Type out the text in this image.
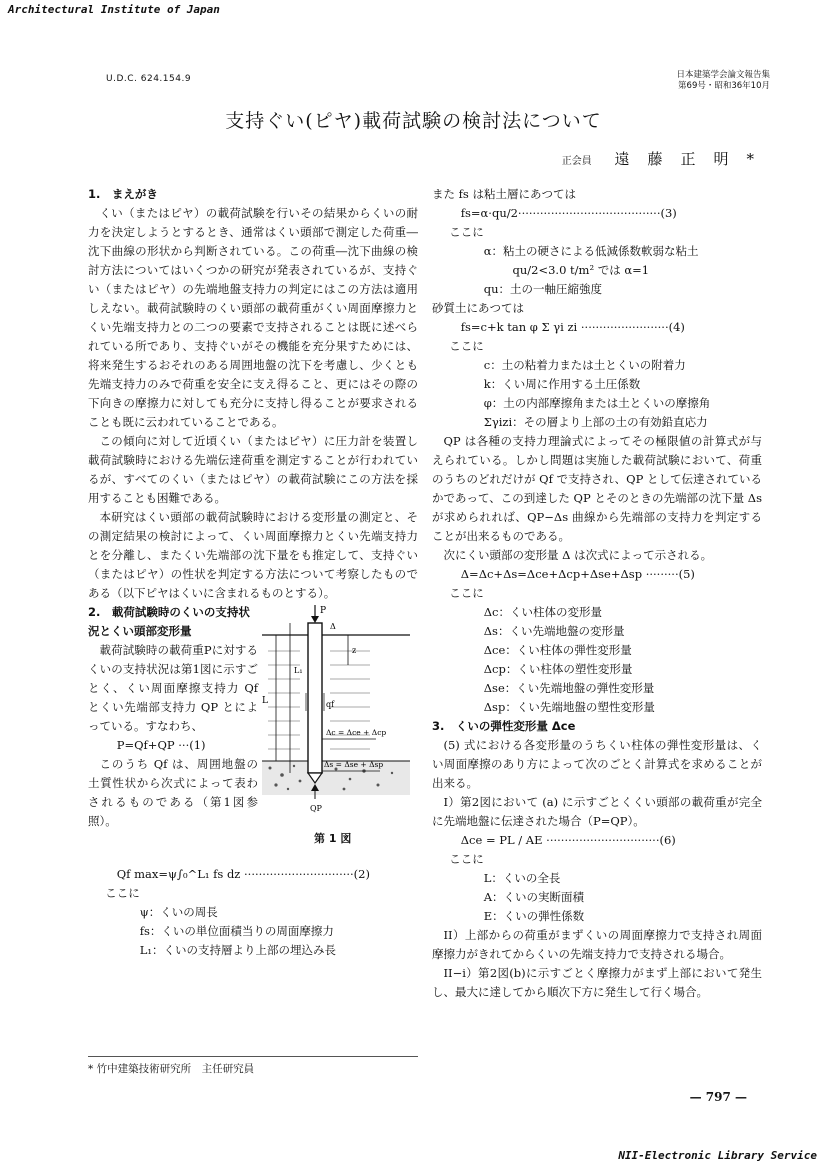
Architectural Institute of Japan
U.D.C. 624.154.9	日本建築学会論文報告集
第69号・昭和36年10月
支持ぐい(ピヤ)載荷試験の検討法について
正会員 遠藤正明*
1.　まえがき

くい（またはピヤ）の載荷試験を行いその結果からくいの耐力を決定しようとするとき、通常はくい頭部で測定した荷重―沈下曲線の形状から判断されている。この荷重―沈下曲線の検討方法についてはいくつかの研究が発表されているが、支持ぐい（またはピヤ）の先端地盤支持力の判定にはこの方法は適用しえない。載荷試験時のくい頭部の載荷重がくい周面摩擦力とくい先端支持力との二つの要素で支持されることは既に述べられている所であり、支持ぐいがその機能を充分果すためには、将来発生するおそれのある周囲地盤の沈下を考慮し、少くとも先端支持力のみで荷重を安全に支え得ること、更にはその際の下向きの摩擦力に対しても充分に支持し得ることが要求されることも既に云われていることである。

この傾向に対して近頃くい（またはピヤ）に圧力計を装置し載荷試験時における先端伝達荷重を測定することが行われているが、すべてのくい（またはピヤ）の載荷試験にこの方法を採用することも困難である。

本研究はくい頭部の載荷試験時における変形量の測定と、その測定結果の検討によって、くい周面摩擦力とくい先端支持力とを分離し、またくい先端部の沈下量をも推定して、支持ぐい（またはピヤ）の性状を判定する方法について考察したものである（以下ピヤはくいに含まれるものとする）。

2.　載荷試験時のくいの支持状況とくい頭部変形量

載荷試験時の載荷重Pに対するくいの支持状況は第1図に示すごとく、くい周面摩擦支持力 Qf とくい先端部支持力 QP とによっている。すなわち、

P=Qf+QP ···(1)

このうち Qf は、周囲地盤の土質性状から次式によって表わされるものである（第1図参照）。

P
Δ
L
L₁
z
qf
Δc = Δce + Δcp
Δs = Δse + Δsp
QP
第 1 図
Qf max=ψ∫₀^L₁ fs dz ······························(2)
ここに
ψ：くいの周長
fs：くいの単位面積当りの周面摩擦力
L₁：くいの支持層より上部の埋込み長
また fs は粘土層にあつては
fs=α·qu/2·······································(3)
ここに
α：粘土の硬さによる低減係数軟弱な粘土
qu/2<3.0 t/m² では α=1
qu：土の一軸圧縮強度
砂質土にあつては
fs=c+k tan φ Σ γi zi ························(4)
ここに
c：土の粘着力または土とくいの附着力
k：くい周に作用する土圧係数
φ：土の内部摩擦角または土とくいの摩擦角
Σγizi：その層より上部の土の有効鉛直応力

QP は各種の支持力理論式によってその極限値の計算式が与えられている。しかし問題は実施した載荷試験において、荷重のうちのどれだけが Qf で支持され、QP として伝達されているかであって、この到達した QP とそのときの先端部の沈下量 Δs が求められれば、QP−Δs 曲線から先端部の支持力を判定することが出来るものである。

次にくい頭部の変形量 Δ は次式によって示される。

Δ=Δc+Δs=Δce+Δcp+Δse+Δsp ·········(5)
ここに
Δc：くい柱体の変形量
Δs：くい先端地盤の変形量
Δce：くい柱体の弾性変形量
Δcp：くい柱体の塑性変形量
Δse：くい先端地盤の弾性変形量
Δsp：くい先端地盤の塑性変形量
3.　くいの弾性変形量 Δce

(5) 式における各変形量のうちくい柱体の弾性変形量は、くい周面摩擦のあり方によって次のごとく計算式を求めることが出来る。

I）第2図において (a) に示すごとくくい頭部の載荷重が完全に先端地盤に伝達された場合（P=QP）。

Δce = PL / AE ·······························(6)
ここに
L：くいの全長
A：くいの実断面積
E：くいの弾性係数

II）上部からの荷重がまずくいの周面摩擦力で支持され周面摩擦力がきれてからくいの先端支持力で支持される場合。

II−i）第2図(b)に示すごとく摩擦力がまず上部において発生し、最大に達してから順次下方に発生して行く場合。

* 竹中建築技術研究所　主任研究員
— 797 —
NII-Electronic Library Service
